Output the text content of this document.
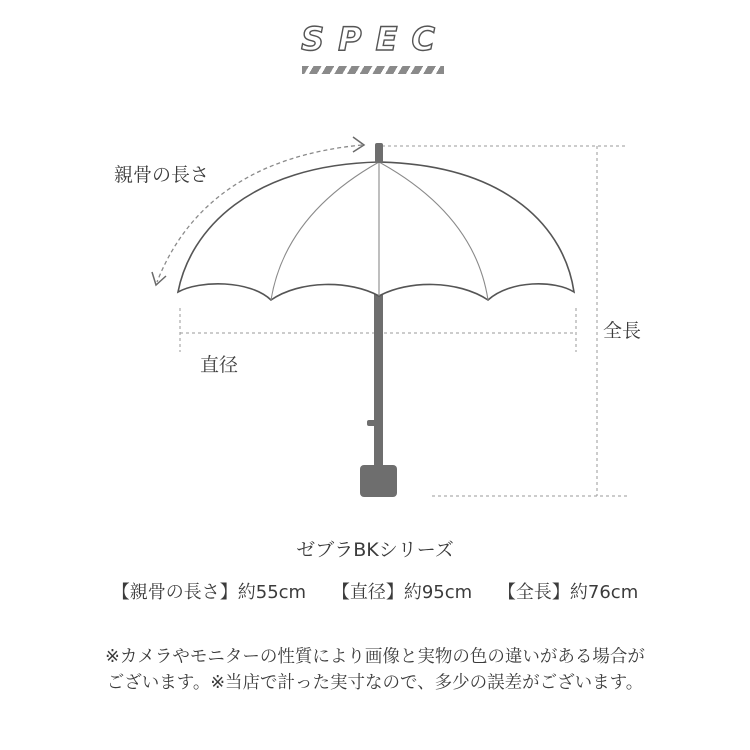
SPEC
親骨の長さ
直径
全長
ゼブラBKシリーズ
【親骨の長さ】約55cm 【直径】約95cm 【全長】約76cm
※カメラやモニターの性質により画像と実物の色の違いがある場合が
ございます。※当店で計った実寸なので、多少の誤差がございます。
